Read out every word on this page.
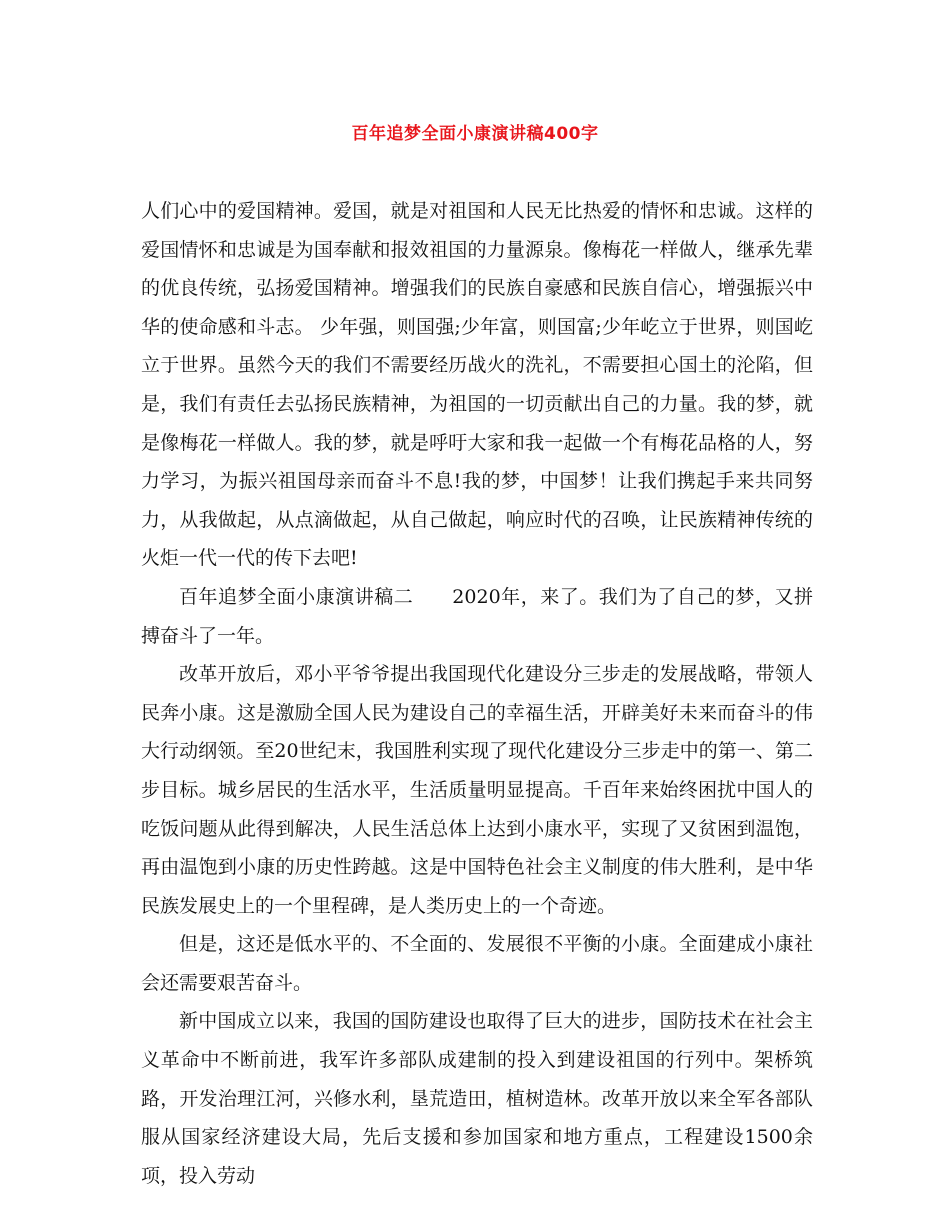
百年追梦全面小康演讲稿400字

人们心中的爱国精神。爱国，就是对祖国和人民无比热爱的情怀和忠诚。这样的爱国情怀和忠诚是为国奉献和报效祖国的力量源泉。像梅花一样做人，继承先辈的优良传统，弘扬爱国精神。增强我们的民族自豪感和民族自信心，增强振兴中华的使命感和斗志。 少年强，则国强;少年富，则国富;少年屹立于世界，则国屹立于世界。虽然今天的我们不需要经历战火的洗礼，不需要担心国土的沦陷，但是，我们有责任去弘扬民族精神，为祖国的一切贡献出自己的力量。我的梦，就是像梅花一样做人。我的梦，就是呼吁大家和我一起做一个有梅花品格的人，努力学习，为振兴祖国母亲而奋斗不息!我的梦，中国梦！让我们携起手来共同努力，从我做起，从点滴做起，从自己做起，响应时代的召唤，让民族精神传统的火炬一代一代的传下去吧!

百年追梦全面小康演讲稿二　　2020年，来了。我们为了自己的梦，又拼搏奋斗了一年。

改革开放后，邓小平爷爷提出我国现代化建设分三步走的发展战略，带领人民奔小康。这是激励全国人民为建设自己的幸福生活，开辟美好未来而奋斗的伟大行动纲领。至20世纪末，我国胜利实现了现代化建设分三步走中的第一、第二步目标。城乡居民的生活水平，生活质量明显提高。千百年来始终困扰中国人的吃饭问题从此得到解决，人民生活总体上达到小康水平，实现了又贫困到温饱，再由温饱到小康的历史性跨越。这是中国特色社会主义制度的伟大胜利，是中华民族发展史上的一个里程碑，是人类历史上的一个奇迹。

但是，这还是低水平的、不全面的、发展很不平衡的小康。全面建成小康社会还需要艰苦奋斗。

新中国成立以来，我国的国防建设也取得了巨大的进步，国防技术在社会主义革命中不断前进，我军许多部队成建制的投入到建设祖国的行列中。架桥筑路，开发治理江河，兴修水利，垦荒造田，植树造林。改革开放以来全军各部队服从国家经济建设大局，先后支援和参加国家和地方重点，工程建设1500余项，投入劳动
